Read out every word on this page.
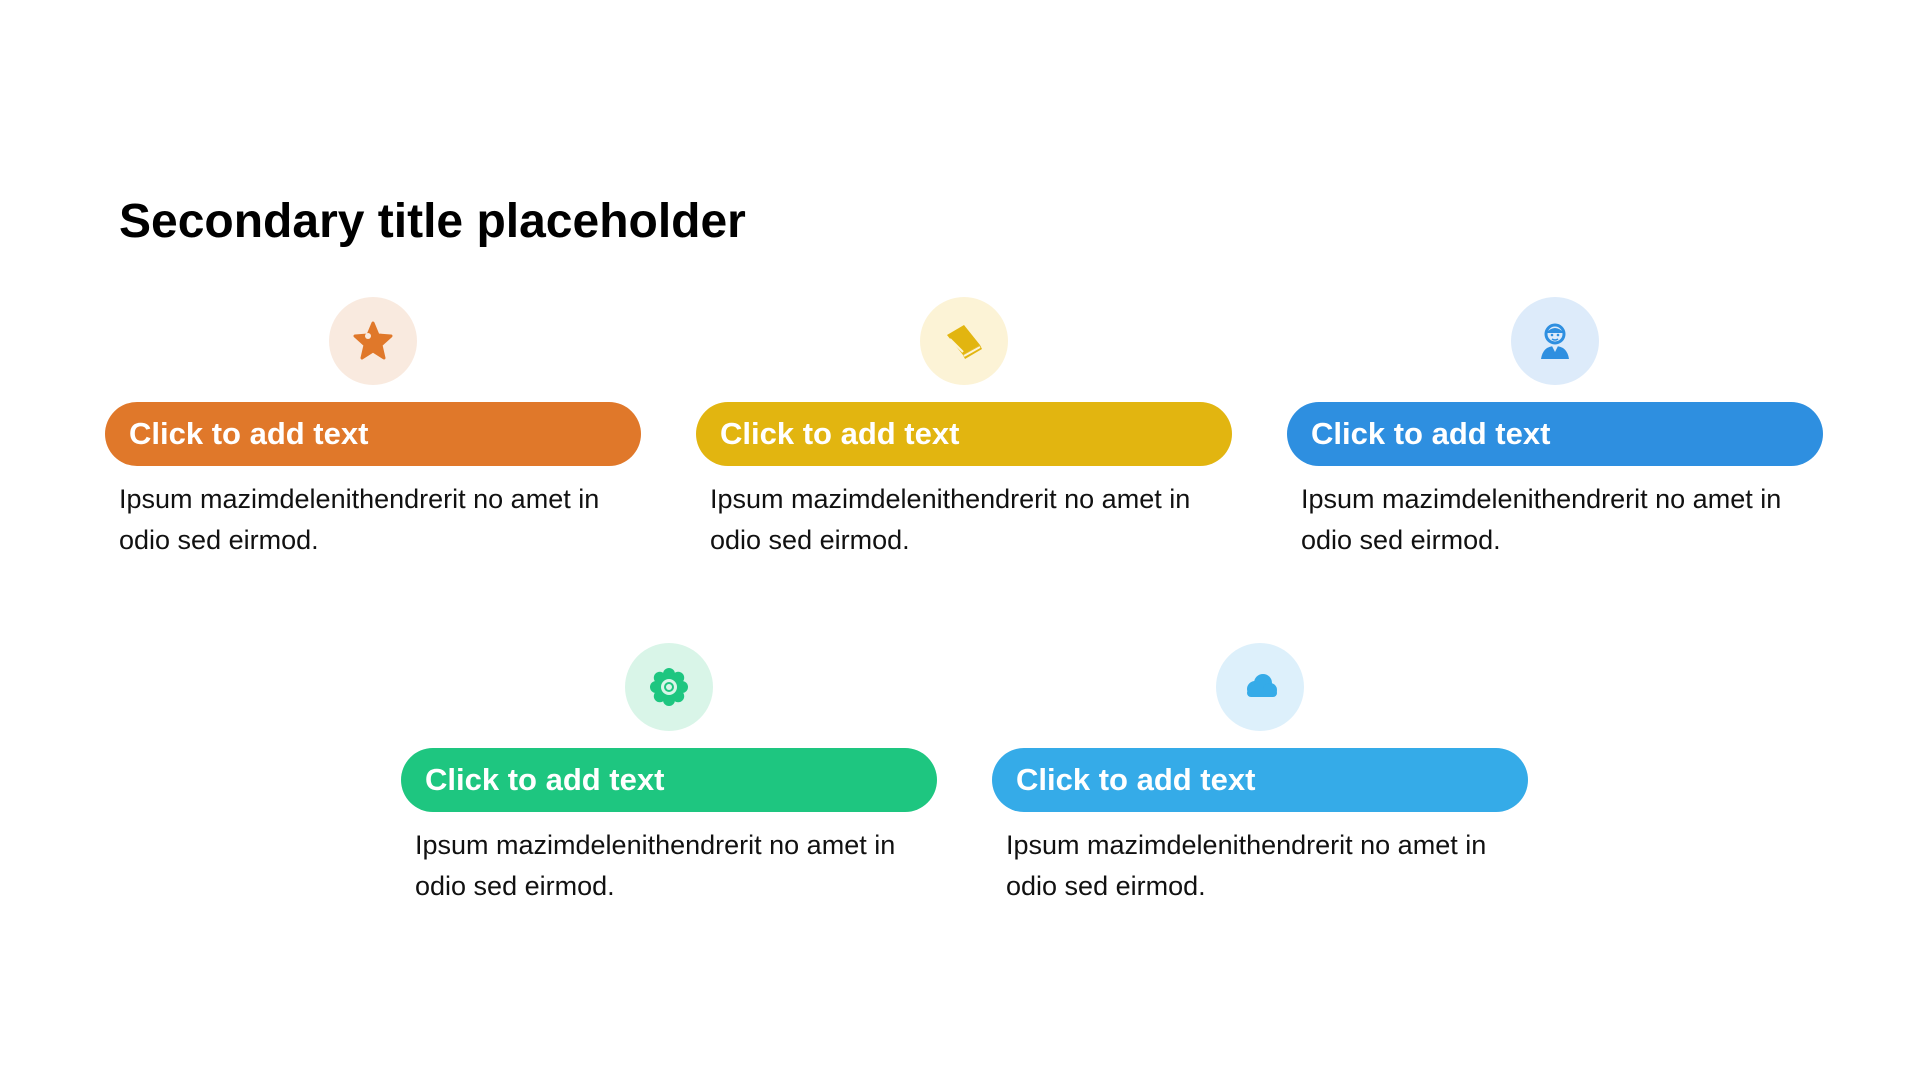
Secondary title placeholder
Click to add text

Ipsum mazimdelenithendrerit no amet in odio sed eirmod.

Click to add text

Ipsum mazimdelenithendrerit no amet in odio sed eirmod.

Click to add text

Ipsum mazimdelenithendrerit no amet in odio sed eirmod.

Click to add text

Ipsum mazimdelenithendrerit no amet in odio sed eirmod.

Click to add text

Ipsum mazimdelenithendrerit no amet in odio sed eirmod.
